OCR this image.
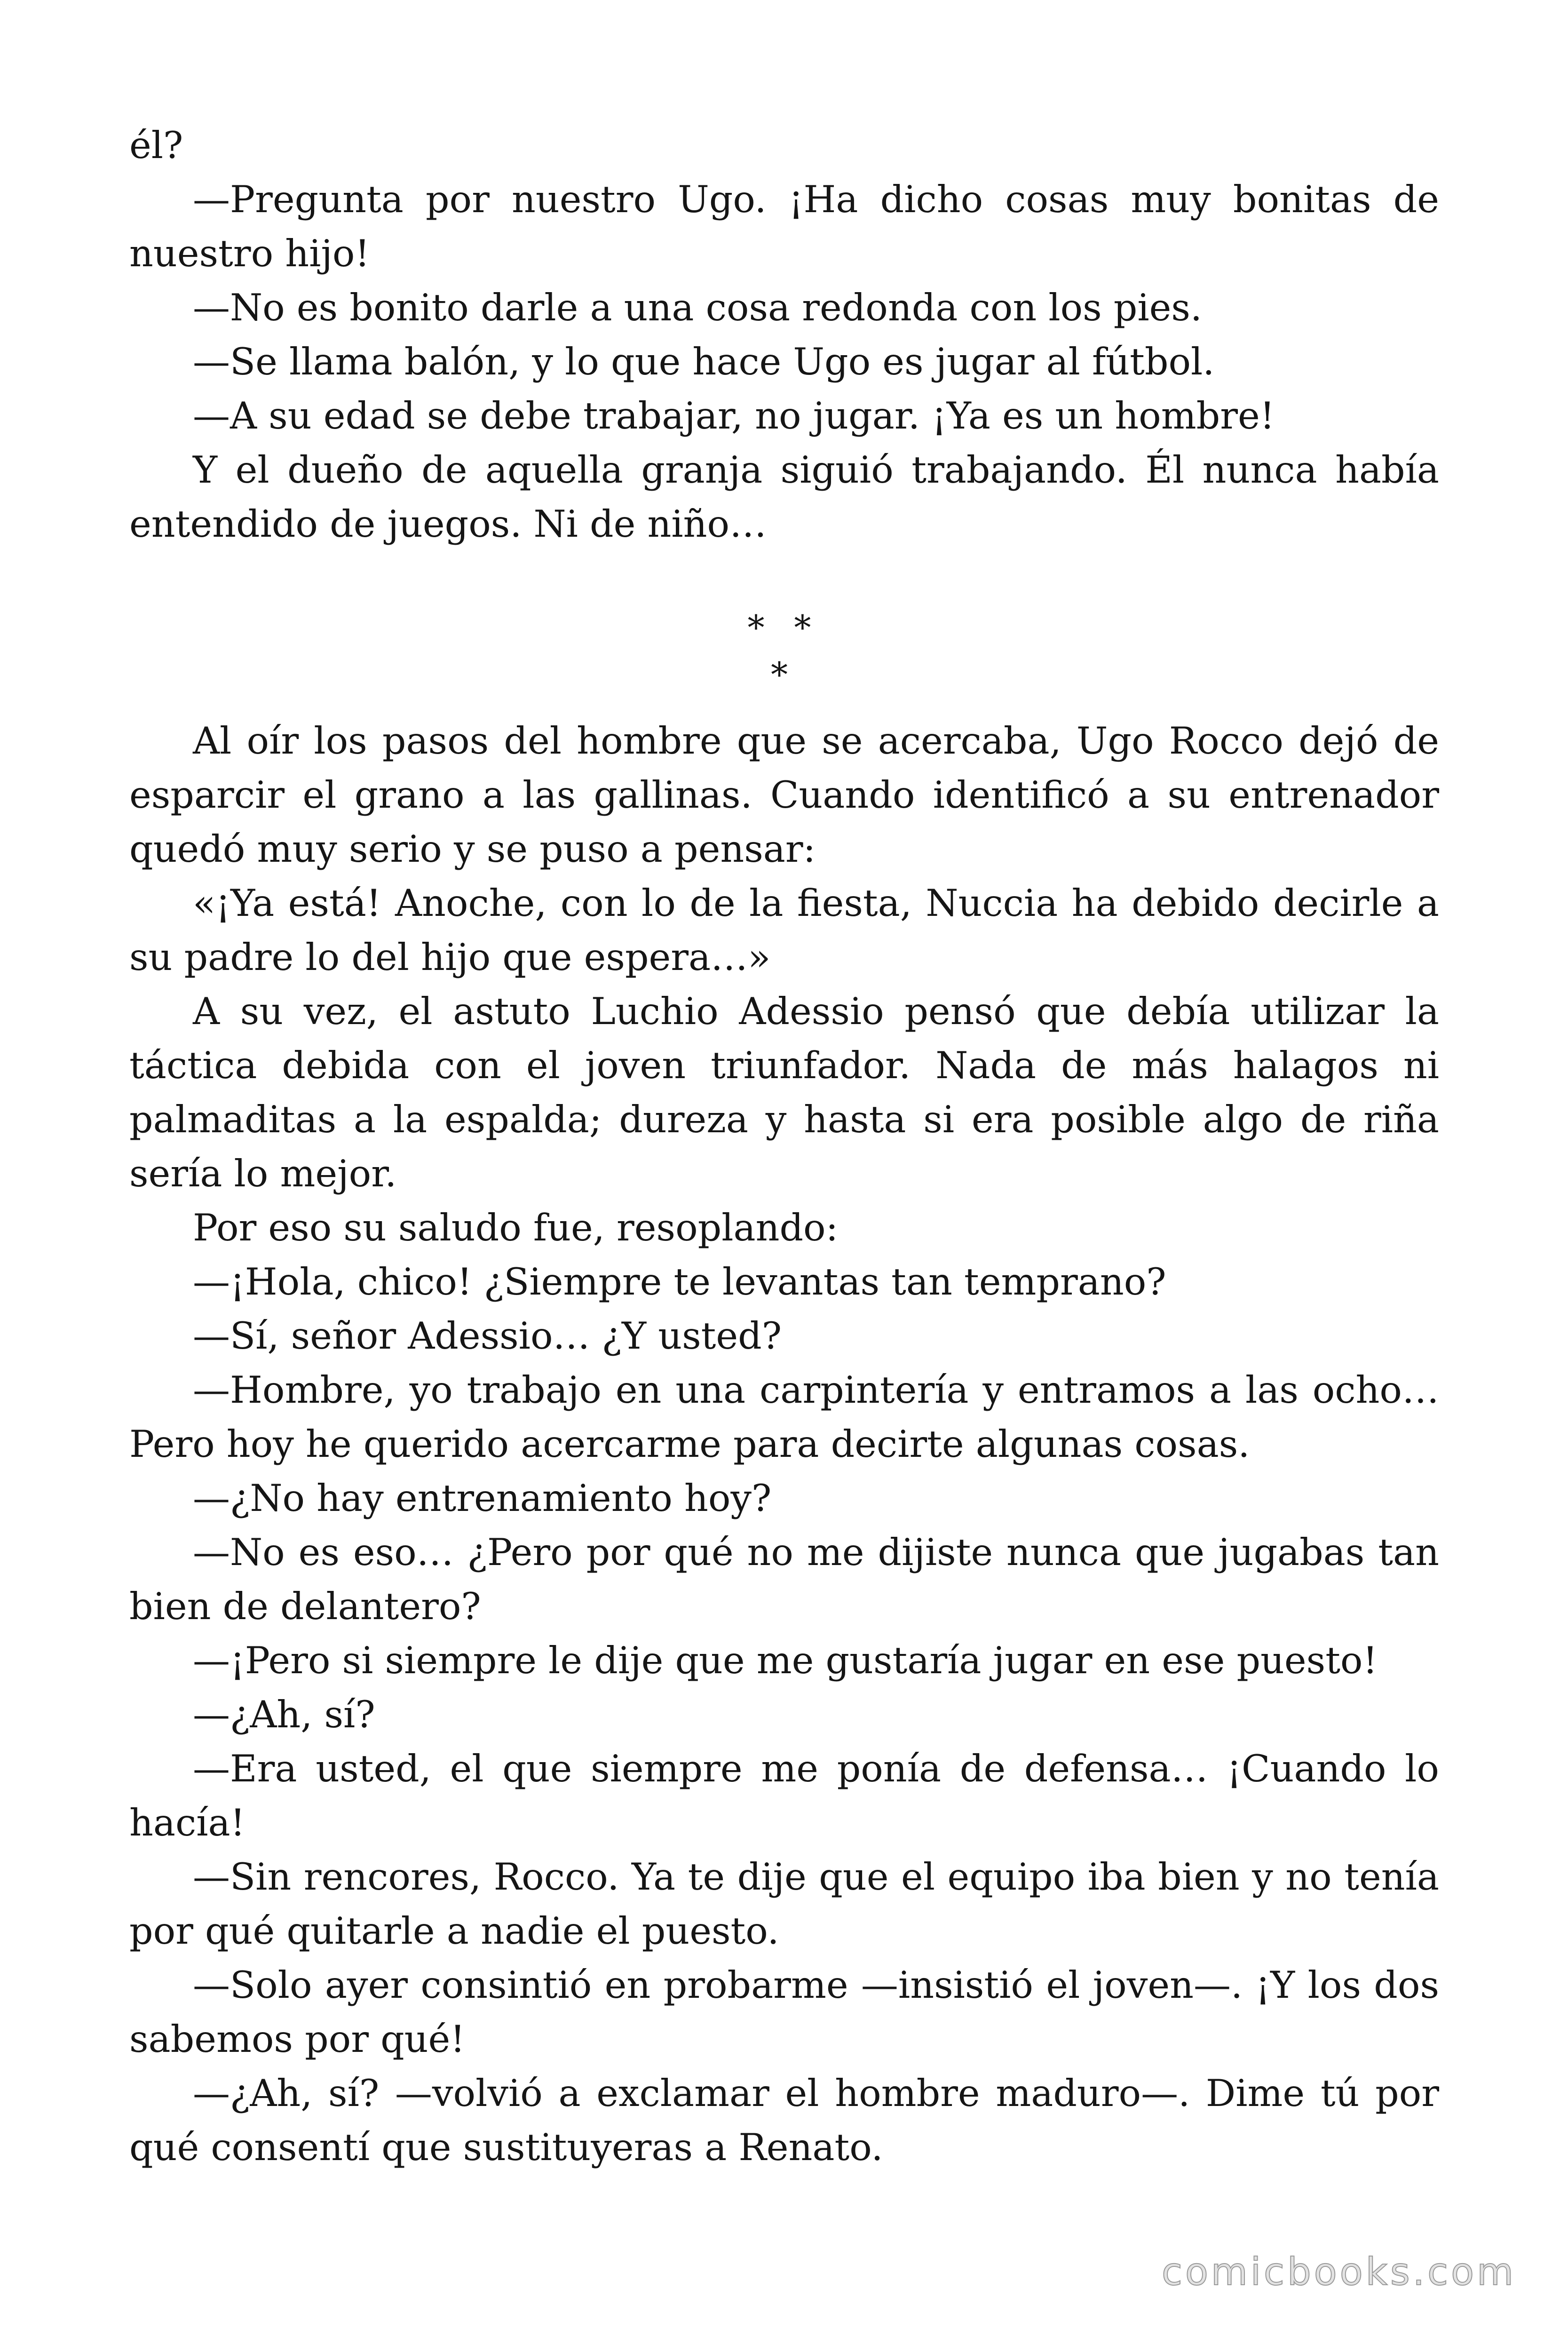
él?

—Pregunta por nuestro Ugo. ¡Ha dicho cosas muy bonitas de nuestro hijo!

—No es bonito darle a una cosa redonda con los pies.

—Se llama balón, y lo que hace Ugo es jugar al fútbol.

—A su edad se debe trabajar, no jugar. ¡Ya es un hombre!

Y el dueño de aquella granja siguió trabajando. Él nunca había entendido de juegos. Ni de niño…

* * *

Al oír los pasos del hombre que se acercaba, Ugo Rocco dejó de esparcir el grano a las gallinas. Cuando identificó a su entrenador quedó muy serio y se puso a pensar:

«¡Ya está! Anoche, con lo de la fiesta, Nuccia ha debido decirle a su padre lo del hijo que espera…»

A su vez, el astuto Luchio Adessio pensó que debía utilizar la táctica debida con el joven triunfador. Nada de más halagos ni palmaditas a la espalda; dureza y hasta si era posible algo de riña sería lo mejor.

Por eso su saludo fue, resoplando:

—¡Hola, chico! ¿Siempre te levantas tan temprano?

—Sí, señor Adessio… ¿Y usted?

—Hombre, yo trabajo en una carpintería y entramos a las ocho… Pero hoy he querido acercarme para decirte algunas cosas.

—¿No hay entrenamiento hoy?

—No es eso… ¿Pero por qué no me dijiste nunca que jugabas tan bien de delantero?

—¡Pero si siempre le dije que me gustaría jugar en ese puesto!

—¿Ah, sí?

—Era usted, el que siempre me ponía de defensa… ¡Cuando lo hacía!

—Sin rencores, Rocco. Ya te dije que el equipo iba bien y no tenía por qué quitarle a nadie el puesto.

—Solo ayer consintió en probarme —insistió el joven—. ¡Y los dos sabemos por qué!

—¿Ah, sí? —volvió a exclamar el hombre maduro—. Dime tú por qué consentí que sustituyeras a Renato.

comicbooks.com
